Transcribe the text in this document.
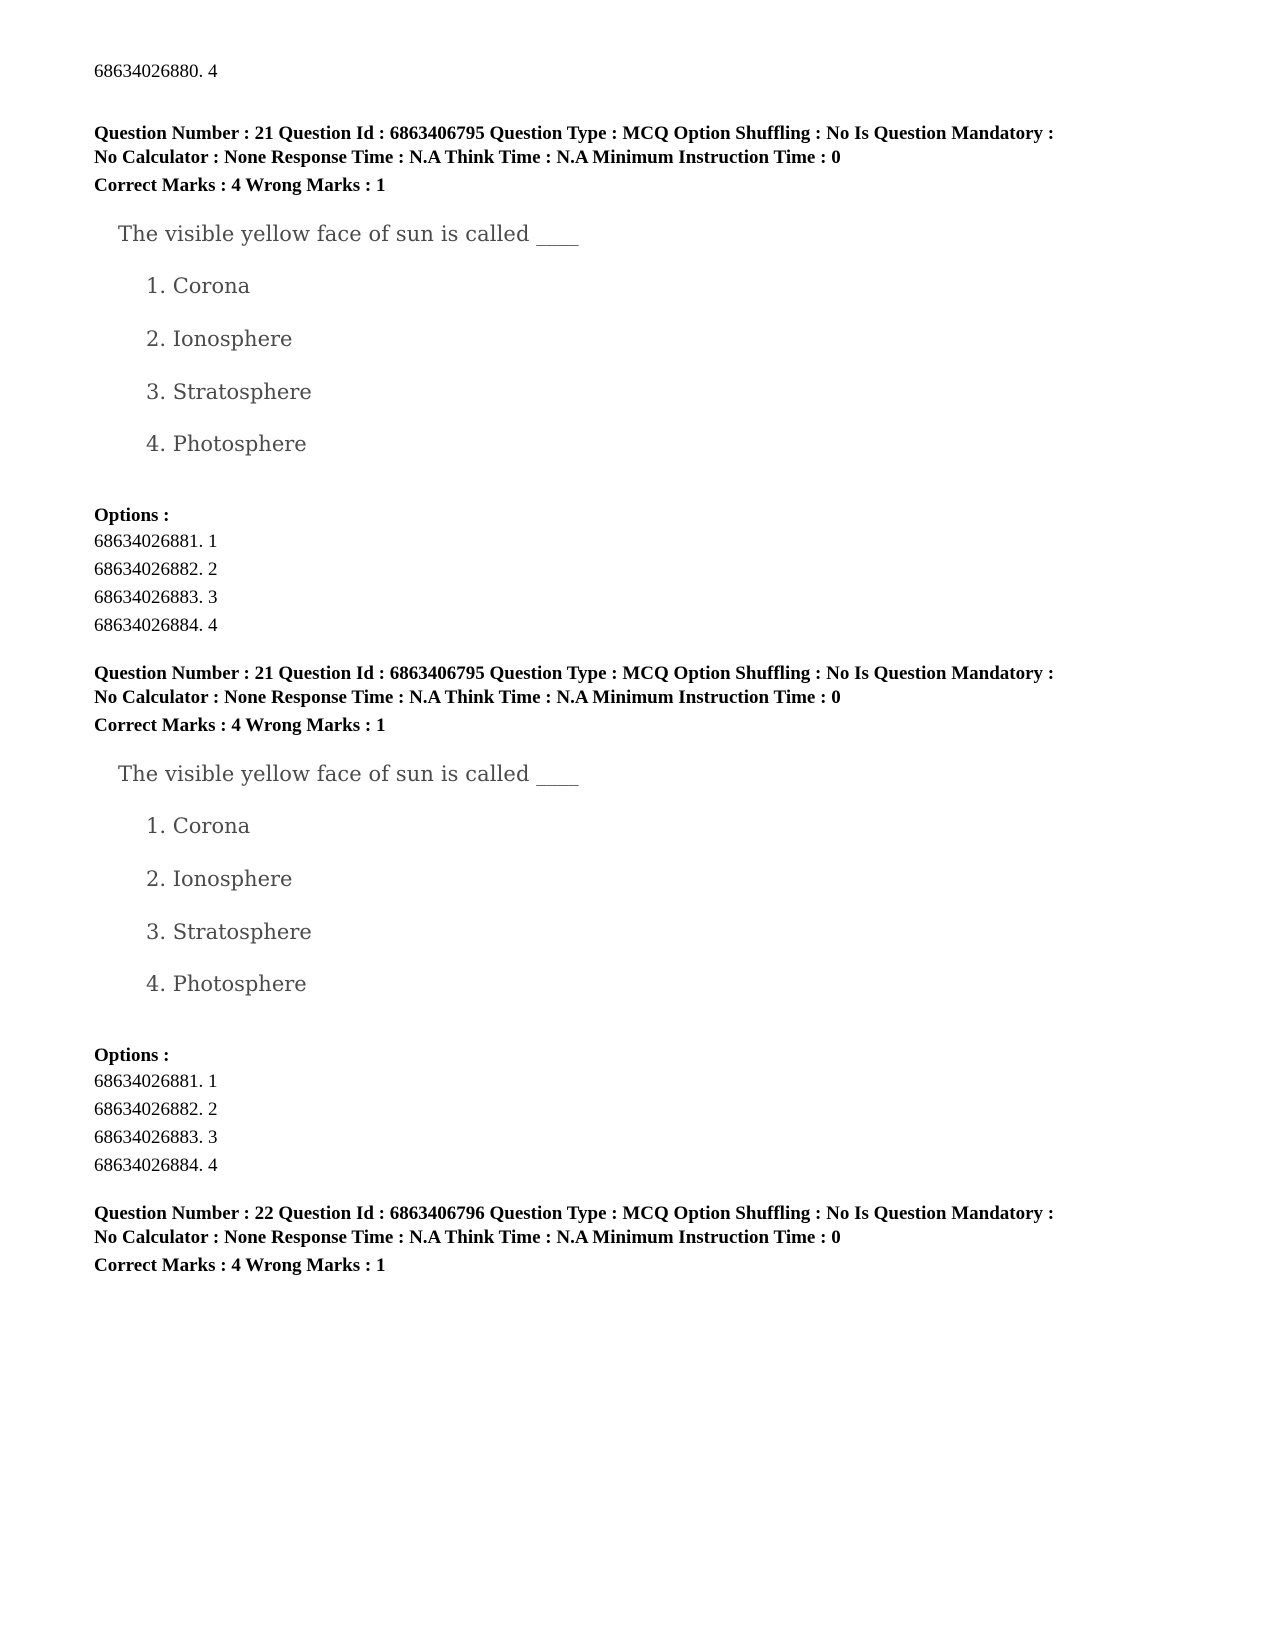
68634026880. 4
Question Number : 21 Question Id : 6863406795 Question Type : MCQ Option Shuffling : No Is Question Mandatory :
No Calculator : None Response Time : N.A Think Time : N.A Minimum Instruction Time : 0
Correct Marks : 4 Wrong Marks : 1
The visible yellow face of sun is called ____
1. Corona
2. Ionosphere
3. Stratosphere
4. Photosphere
Options :
68634026881. 1
68634026882. 2
68634026883. 3
68634026884. 4
Question Number : 21 Question Id : 6863406795 Question Type : MCQ Option Shuffling : No Is Question Mandatory :
No Calculator : None Response Time : N.A Think Time : N.A Minimum Instruction Time : 0
Correct Marks : 4 Wrong Marks : 1
The visible yellow face of sun is called ____
1. Corona
2. Ionosphere
3. Stratosphere
4. Photosphere
Options :
68634026881. 1
68634026882. 2
68634026883. 3
68634026884. 4
Question Number : 22 Question Id : 6863406796 Question Type : MCQ Option Shuffling : No Is Question Mandatory :
No Calculator : None Response Time : N.A Think Time : N.A Minimum Instruction Time : 0
Correct Marks : 4 Wrong Marks : 1
